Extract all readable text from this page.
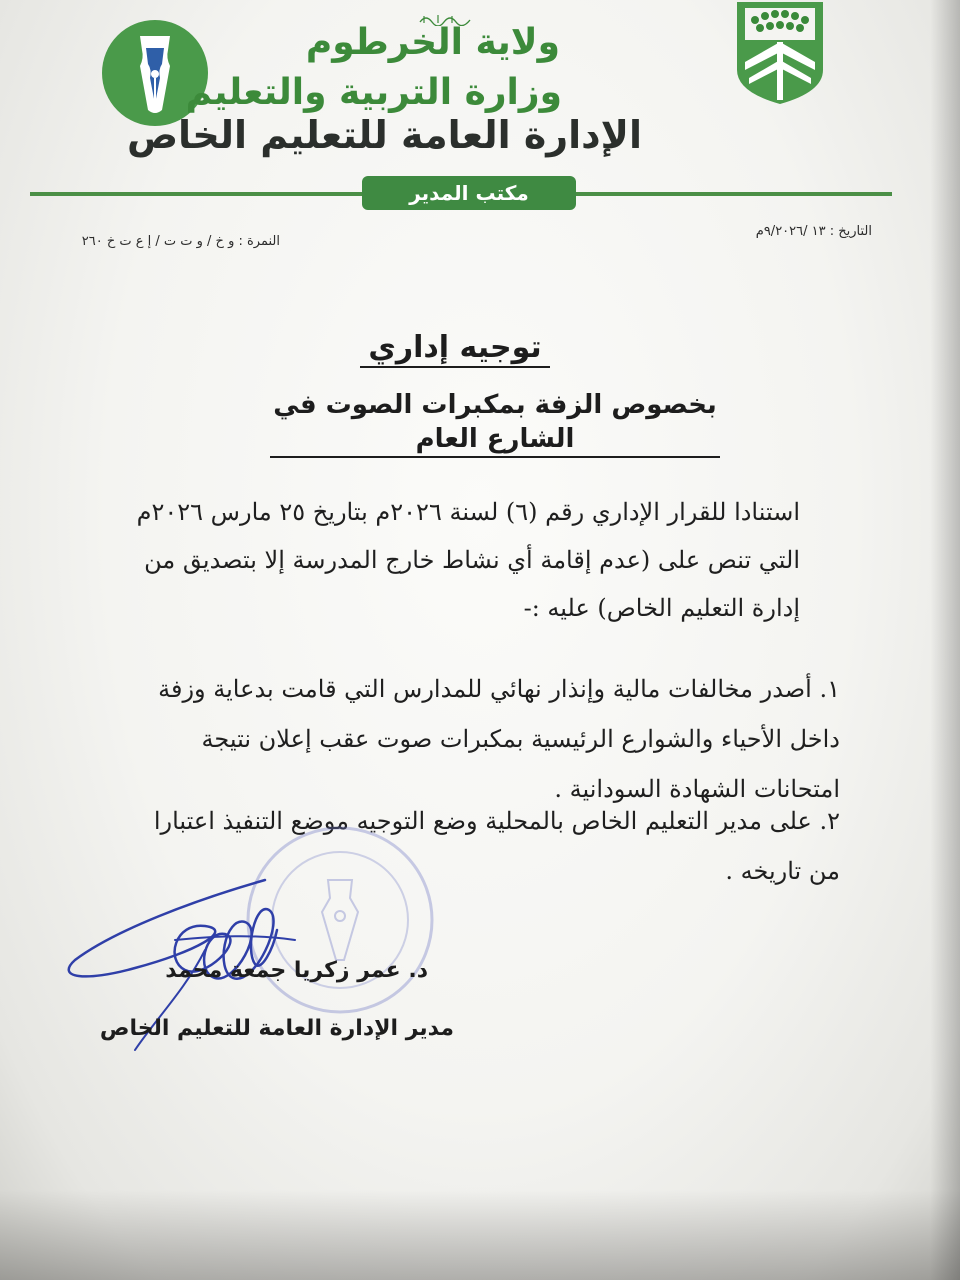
ولاية الخرطوم
وزارة التربية والتعليم
الإدارة العامة للتعليم الخاص
مكتب المدير
التاريخ : ١٣ /٩/٢٠٢٦م
النمرة : و خ / و ت ت / إ ع ت خ ٢٦٠
توجيه إداري
بخصوص الزفة بمكبرات الصوت في الشارع العام
استنادا للقرار الإداري رقم (٦) لسنة ٢٠٢٦م بتاريخ ٢٥ مارس ٢٠٢٦م التي تنص على (عدم إقامة أي نشاط خارج المدرسة إلا بتصديق من إدارة التعليم الخاص) عليه :-
١. أصدر مخالفات مالية وإنذار نهائي للمدارس التي قامت بدعاية وزفة داخل الأحياء والشوارع الرئيسية بمكبرات صوت عقب إعلان نتيجة امتحانات الشهادة السودانية .
٢. على مدير التعليم الخاص بالمحلية وضع التوجيه موضع التنفيذ اعتبارا من تاريخه .
د. عمر زكريا جمعة محمد
مدير الإدارة العامة للتعليم الخاص
